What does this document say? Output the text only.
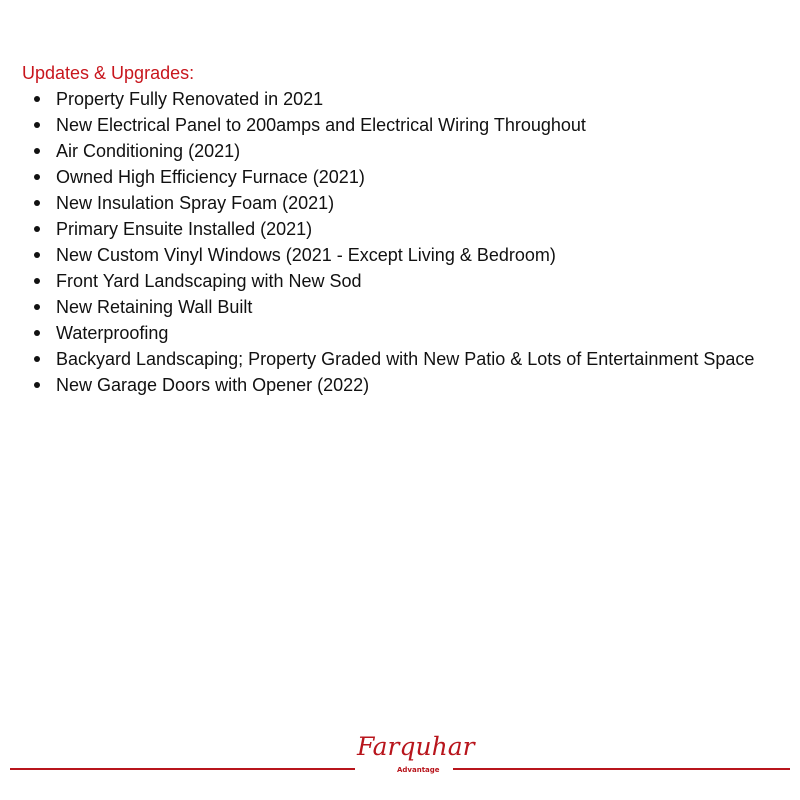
Updates & Upgrades:
Property Fully Renovated in 2021
New Electrical Panel to 200amps and Electrical Wiring Throughout
Air Conditioning (2021)
Owned High Efficiency Furnace (2021)
New Insulation Spray Foam (2021)
Primary Ensuite Installed (2021)
New Custom Vinyl Windows (2021 - Except Living & Bedroom)
Front Yard Landscaping with New Sod
New Retaining Wall Built
Waterproofing
Backyard Landscaping; Property Graded with New Patio & Lots of Entertainment Space
New Garage Doors with Opener (2022)
Farquhar
Advantage
